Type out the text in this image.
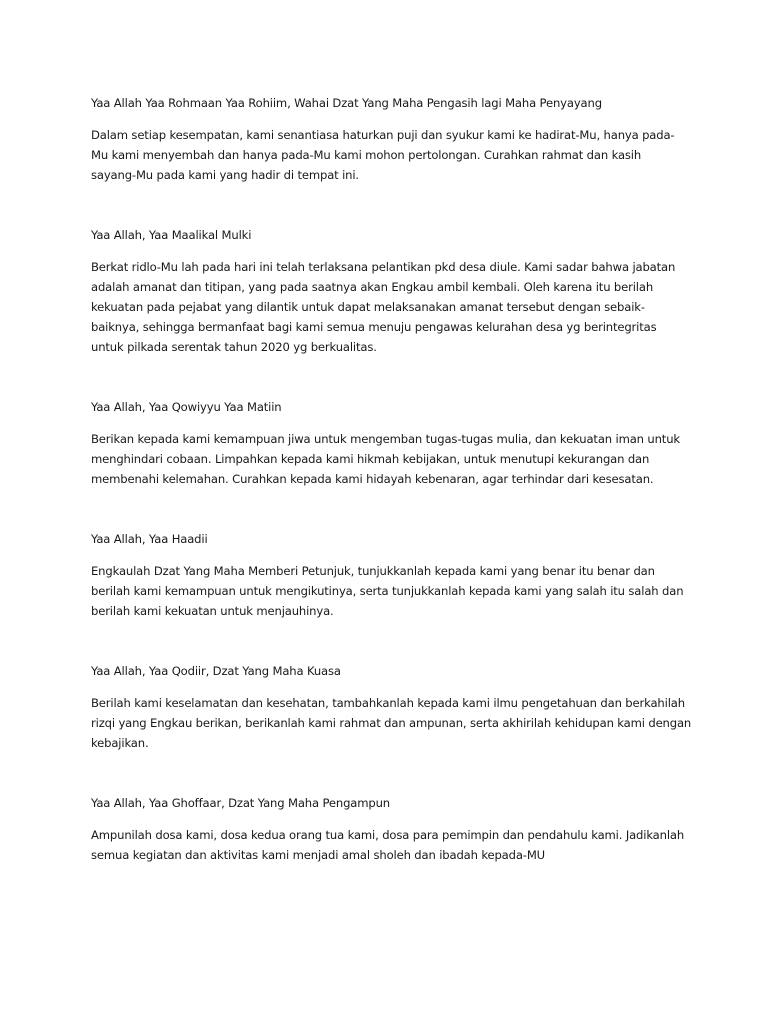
Yaa Allah Yaa Rohmaan Yaa Rohiim, Wahai Dzat Yang Maha Pengasih lagi Maha Penyayang
Dalam setiap kesempatan, kami senantiasa haturkan puji dan syukur kami ke hadirat-Mu, hanya pada-
Mu kami menyembah dan hanya pada-Mu kami mohon pertolongan. Curahkan rahmat dan kasih
sayang-Mu pada kami yang hadir di tempat ini.
Yaa Allah, Yaa Maalikal Mulki
Berkat ridlo-Mu lah pada hari ini telah terlaksana pelantikan pkd desa diule. Kami sadar bahwa jabatan
adalah amanat dan titipan, yang pada saatnya akan Engkau ambil kembali. Oleh karena itu berilah
kekuatan pada pejabat yang dilantik untuk dapat melaksanakan amanat tersebut dengan sebaik-
baiknya, sehingga bermanfaat bagi kami semua menuju pengawas kelurahan desa yg berintegritas
untuk pilkada serentak tahun 2020 yg berkualitas.
Yaa Allah, Yaa Qowiyyu Yaa Matiin
Berikan kepada kami kemampuan jiwa untuk mengemban tugas-tugas mulia, dan kekuatan iman untuk
menghindari cobaan. Limpahkan kepada kami hikmah kebijakan, untuk menutupi kekurangan dan
membenahi kelemahan. Curahkan kepada kami hidayah kebenaran, agar terhindar dari kesesatan.
Yaa Allah, Yaa Haadii
Engkaulah Dzat Yang Maha Memberi Petunjuk, tunjukkanlah kepada kami yang benar itu benar dan
berilah kami kemampuan untuk mengikutinya, serta tunjukkanlah kepada kami yang salah itu salah dan
berilah kami kekuatan untuk menjauhinya.
Yaa Allah, Yaa Qodiir, Dzat Yang Maha Kuasa
Berilah kami keselamatan dan kesehatan, tambahkanlah kepada kami ilmu pengetahuan dan berkahilah
rizqi yang Engkau berikan, berikanlah kami rahmat dan ampunan, serta akhirilah kehidupan kami dengan
kebajikan.
Yaa Allah, Yaa Ghoffaar, Dzat Yang Maha Pengampun
Ampunilah dosa kami, dosa kedua orang tua kami, dosa para pemimpin dan pendahulu kami. Jadikanlah
semua kegiatan dan aktivitas kami menjadi amal sholeh dan ibadah kepada-MU
